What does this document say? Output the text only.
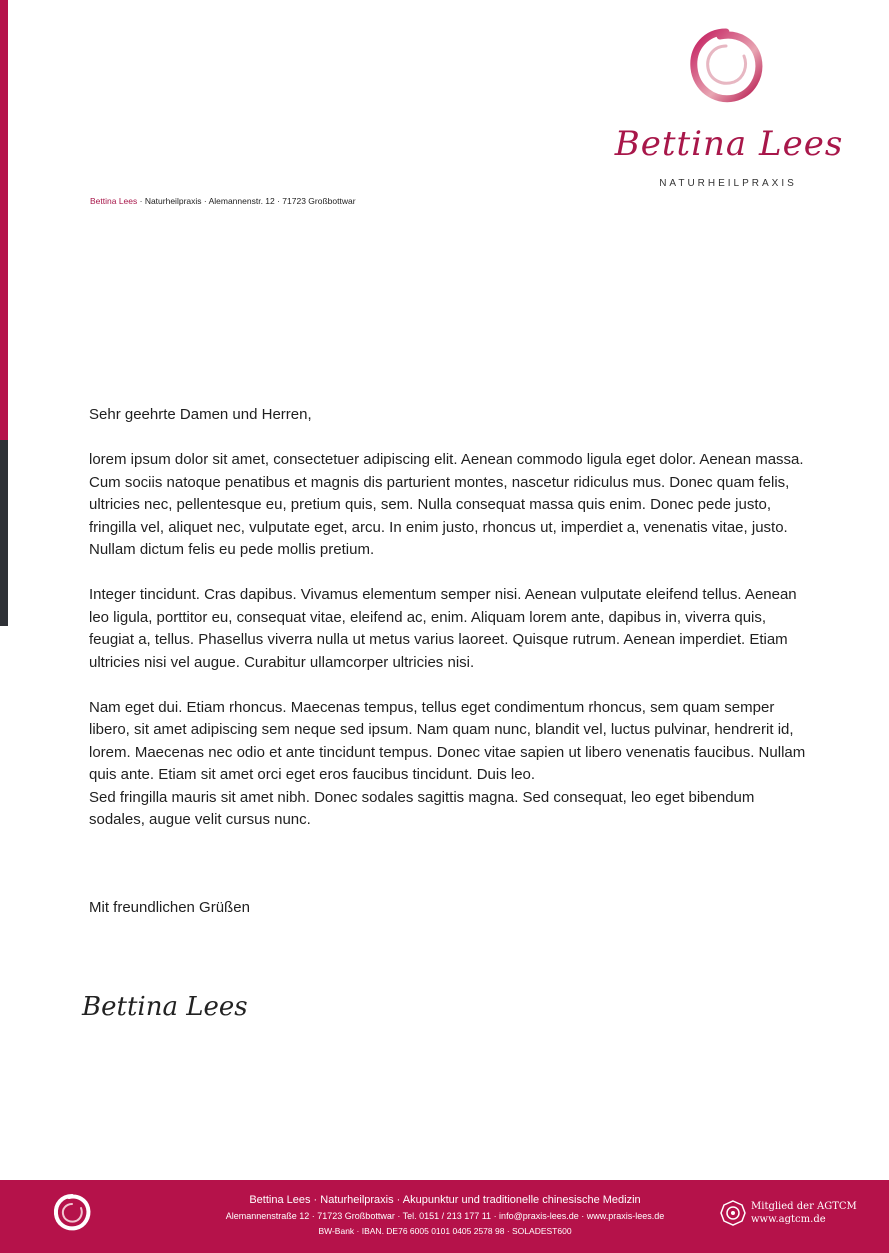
Bettina Lees
NATURHEILPRAXIS
Bettina Lees · Naturheilpraxis · Alemannenstr. 12 · 71723 Großbottwar

Sehr geehrte Damen und Herren,

lorem ipsum dolor sit amet, consectetuer adipiscing elit. Aenean commodo ligula eget dolor. Aenean massa. Cum sociis natoque penatibus et magnis dis parturient montes, nascetur ridiculus mus. Donec quam felis, ultricies nec, pellentesque eu, pretium quis, sem. Nulla consequat massa quis enim. Donec pede justo, fringilla vel, aliquet nec, vulputate eget, arcu. In enim justo, rhoncus ut, imperdiet a, venenatis vitae, justo. Nullam dictum felis eu pede mollis pretium.

Integer tincidunt. Cras dapibus. Vivamus elementum semper nisi. Aenean vulputate eleifend tellus. Aenean leo ligula, porttitor eu, consequat vitae, eleifend ac, enim. Aliquam lorem ante, dapibus in, viverra quis, feugiat a, tellus. Phasellus viverra nulla ut metus varius laoreet. Quisque rutrum. Aenean imperdiet. Etiam ultricies nisi vel augue. Curabitur ullamcorper ultricies nisi.

Nam eget dui. Etiam rhoncus. Maecenas tempus, tellus eget condimentum rhoncus, sem quam semper libero, sit amet adipiscing sem neque sed ipsum. Nam quam nunc, blandit vel, luctus pulvinar, hendrerit id, lorem. Maecenas nec odio et ante tincidunt tempus. Donec vitae sapien ut libero venenatis faucibus. Nullam quis ante. Etiam sit amet orci eget eros faucibus tincidunt. Duis leo.

Sed fringilla mauris sit amet nibh. Donec sodales sagittis magna. Sed consequat, leo eget bibendum sodales, augue velit cursus nunc.

Mit freundlichen Grüßen
Bettina Lees
Bettina Lees · Naturheilpraxis · Akupunktur und traditionelle chinesische Medizin
Alemannenstraße 12 · 71723 Großbottwar · Tel. 0151 / 213 177 11 · info@praxis-lees.de · www.praxis-lees.de
BW-Bank · IBAN. DE76 6005 0101 0405 2578 98 · SOLADEST600
Mitglied der AGTCM
www.agtcm.de
